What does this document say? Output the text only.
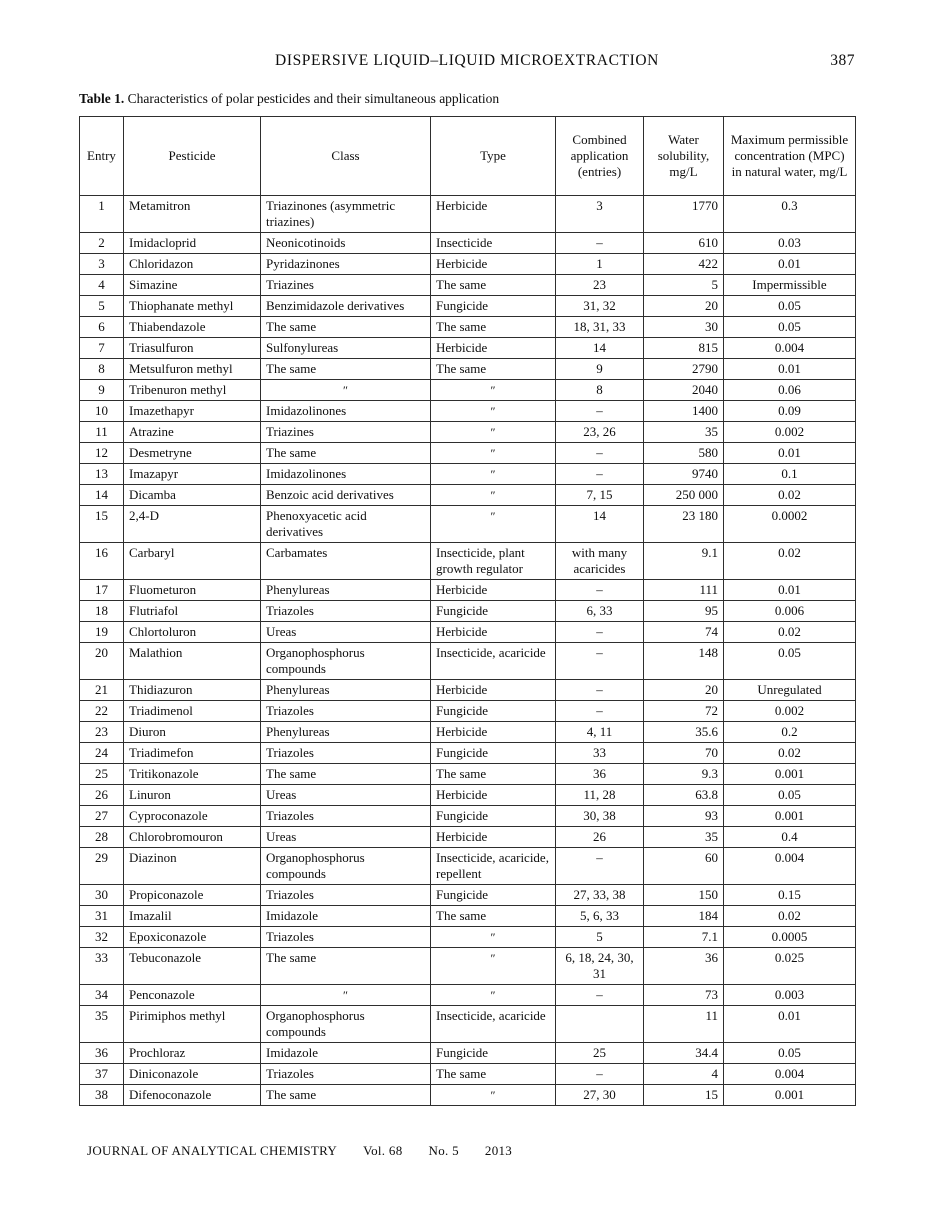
DISPERSIVE LIQUID–LIQUID MICROEXTRACTION	387
Table 1. Characteristics of polar pesticides and their simultaneous application
Entry	Pesticide	Class	Type	Combined application (entries)	Water solubility, mg/L	Maximum permissible concentration (MPC) in natural water, mg/L
1	Metamitron	Triazinones (asymmetric triazines)	Herbicide	3	1770	0.3
2	Imidacloprid	Neonicotinoids	Insecticide	–	610	0.03
3	Chloridazon	Pyridazinones	Herbicide	1	422	0.01
4	Simazine	Triazines	The same	23	5	Impermissible
5	Thiophanate methyl	Benzimidazole derivatives	Fungicide	31, 32	20	0.05
6	Thiabendazole	The same	The same	18, 31, 33	30	0.05
7	Triasulfuron	Sulfonylureas	Herbicide	14	815	0.004
8	Metsulfuron methyl	The same	The same	9	2790	0.01
9	Tribenuron methyl	″	″	8	2040	0.06
10	Imazethapyr	Imidazolinones	″	–	1400	0.09
11	Atrazine	Triazines	″	23, 26	35	0.002
12	Desmetryne	The same	″	–	580	0.01
13	Imazapyr	Imidazolinones	″	–	9740	0.1
14	Dicamba	Benzoic acid derivatives	″	7, 15	250 000	0.02
15	2,4-D	Phenoxyacetic acid derivatives	″	14	23 180	0.0002
16	Carbaryl	Carbamates	Insecticide, plant growth regulator	with many acaricides	9.1	0.02
17	Fluometuron	Phenylureas	Herbicide	–	111	0.01
18	Flutriafol	Triazoles	Fungicide	6, 33	95	0.006
19	Chlortoluron	Ureas	Herbicide	–	74	0.02
20	Malathion	Organophosphorus compounds	Insecticide, acaricide	–	148	0.05
21	Thidiazuron	Phenylureas	Herbicide	–	20	Unregulated
22	Triadimenol	Triazoles	Fungicide	–	72	0.002
23	Diuron	Phenylureas	Herbicide	4, 11	35.6	0.2
24	Triadimefon	Triazoles	Fungicide	33	70	0.02
25	Tritikonazole	The same	The same	36	9.3	0.001
26	Linuron	Ureas	Herbicide	11, 28	63.8	0.05
27	Cyproconazole	Triazoles	Fungicide	30, 38	93	0.001
28	Chlorobromouron	Ureas	Herbicide	26	35	0.4
29	Diazinon	Organophosphorus compounds	Insecticide, acaricide, repellent	–	60	0.004
30	Propiconazole	Triazoles	Fungicide	27, 33, 38	150	0.15
31	Imazalil	Imidazole	The same	5, 6, 33	184	0.02
32	Epoxiconazole	Triazoles	″	5	7.1	0.0005
33	Tebuconazole	The same	″	6, 18, 24, 30, 31	36	0.025
34	Penconazole	″	″	–	73	0.003
35	Pirimiphos methyl	Organophosphorus compounds	Insecticide, acaricide		11	0.01
36	Prochloraz	Imidazole	Fungicide	25	34.4	0.05
37	Diniconazole	Triazoles	The same	–	4	0.004
38	Difenoconazole	The same	″	27, 30	15	0.001
JOURNAL OF ANALYTICAL CHEMISTRY Vol. 68 No. 5 2013
